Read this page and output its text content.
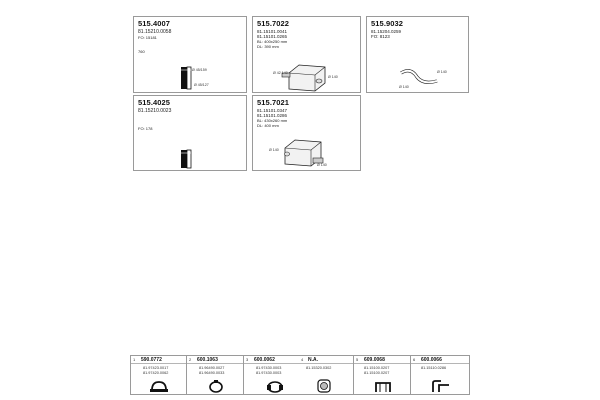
515.4007
81.15210.0058
FO: 15181
760
Ø 45/159
Ø 45/127
515.7022
81.15101.0041
81.15101.0265
BL: 400x250 mm
DL: 390 mm
Ø 42 140
Ø 140
515.9032
81.15204.0259
FO: 8123
Ø 140
Ø 140
515.4025
81.15210.0023
FO: 178
515.7021
81.15101.0347
81.15101.0286
BL: 430x260 mm
DL: 400 mm
Ø 140
Ø 140
1 590.0772
81.97423.0017
81.97420.0062
2 600.1063
81.96490.0027
81.96490.0033
3 600.0062	4 N.A.
81.97430.0003
81.97430.0003
81.15320.0302
5 609.0068
81.15100.0207
81.15100.0207
6 600.0066
81.15110.0286
